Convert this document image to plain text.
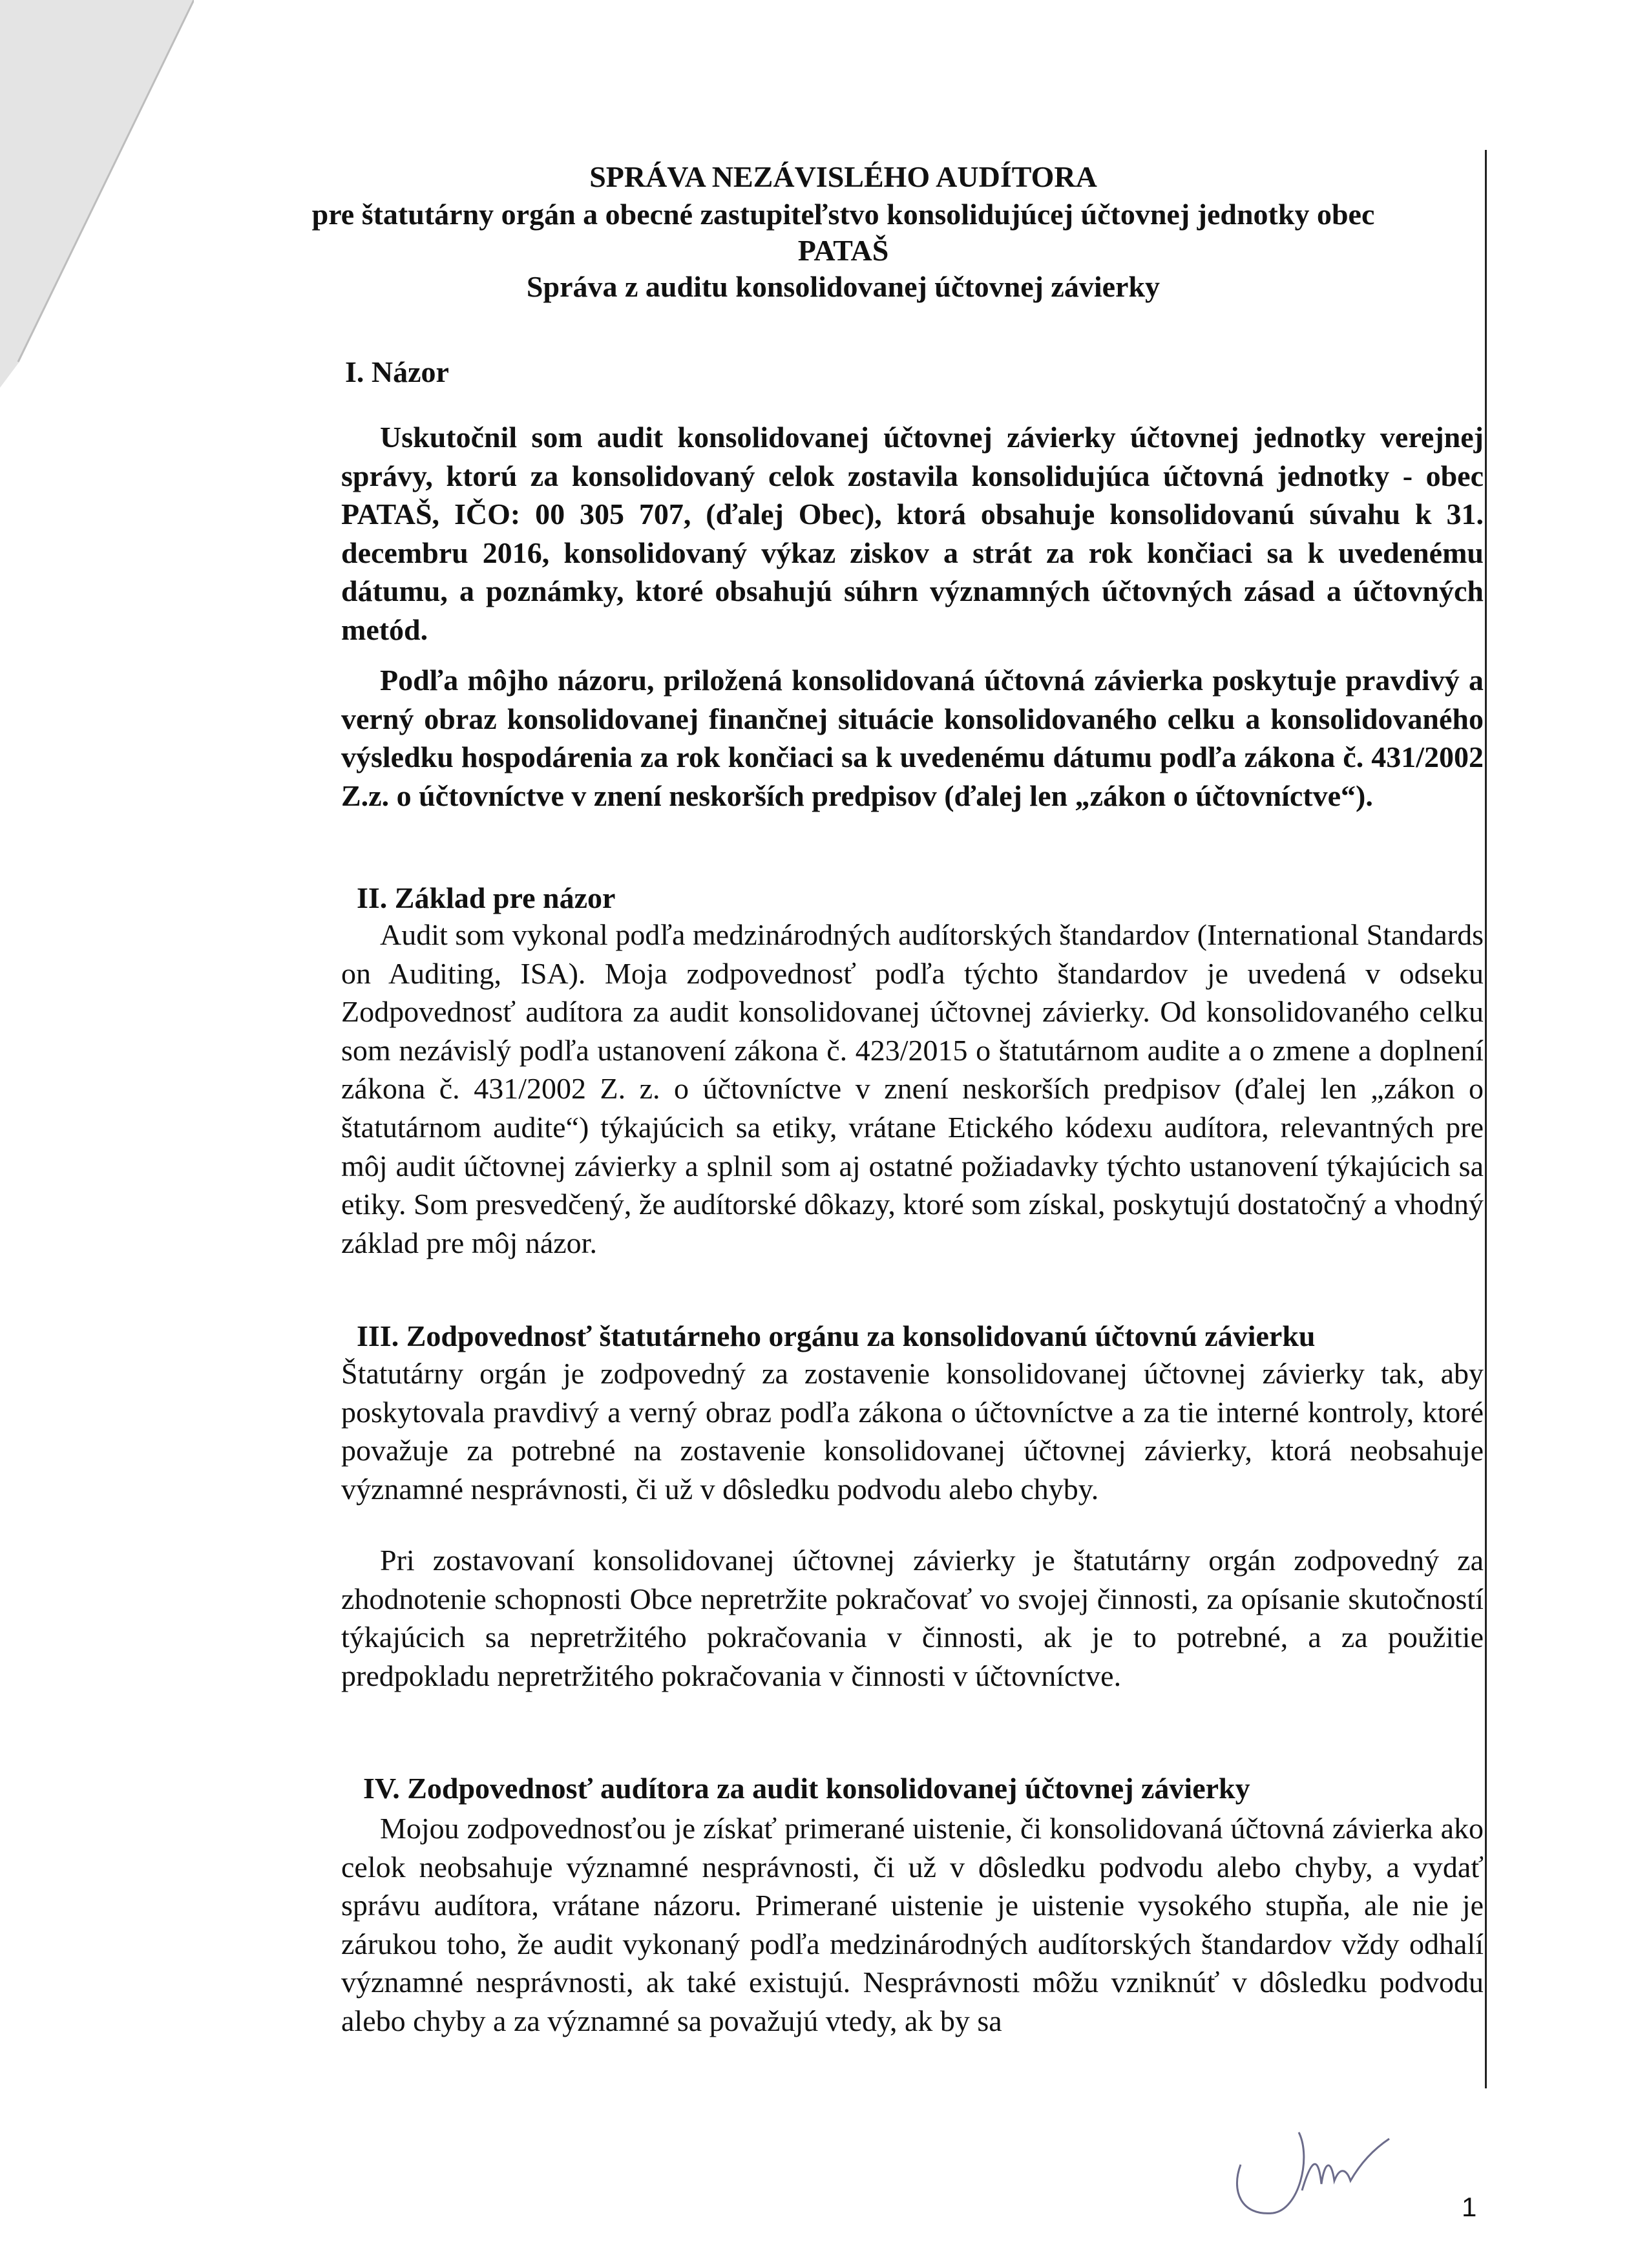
SPRÁVA NEZÁVISLÉHO AUDÍTORA

pre štatutárny orgán a obecné zastupiteľstvo konsolidujúcej účtovnej jednotky obec

PATAŠ

Správa z auditu konsolidovanej účtovnej závierky

I. Názor

Uskutočnil som audit konsolidovanej účtovnej závierky účtovnej jednotky verejnej správy, ktorú za konsolidovaný celok zostavila konsolidujúca účtovná jednotky - obec PATAŠ, IČO: 00 305 707, (ďalej Obec), ktorá obsahuje konsolidovanú súvahu k 31. decembru 2016, konsolidovaný výkaz ziskov a strát za rok končiaci sa k uvedenému dátumu, a poznámky, ktoré obsahujú súhrn významných účtovných zásad a účtovných metód.

Podľa môjho názoru, priložená konsolidovaná účtovná závierka poskytuje pravdivý a verný obraz konsolidovanej finančnej situácie konsolidovaného celku a konsolidovaného výsledku hospodárenia za rok končiaci sa k uvedenému dátumu podľa zákona č. 431/2002 Z.z. o účtovníctve v znení neskorších predpisov (ďalej len „zákon o účtovníctve“).

II. Základ pre názor

Audit som vykonal podľa medzinárodných audítorských štandardov (International Standards on Auditing, ISA). Moja zodpovednosť podľa týchto štandardov je uvedená v odseku Zodpovednosť audítora za audit konsolidovanej účtovnej závierky. Od konsolidovaného celku som nezávislý podľa ustanovení zákona č. 423/2015 o štatutárnom audite a o zmene a doplnení zákona č. 431/2002 Z. z. o účtovníctve v znení neskorších predpisov (ďalej len „zákon o štatutárnom audite“) týkajúcich sa etiky, vrátane Etického kódexu audítora, relevantných pre môj audit účtovnej závierky a splnil som aj ostatné požiadavky týchto ustanovení týkajúcich sa etiky. Som presvedčený, že audítorské dôkazy, ktoré som získal, poskytujú dostatočný a vhodný základ pre môj názor.

III. Zodpovednosť štatutárneho orgánu za konsolidovanú účtovnú závierku

Štatutárny orgán je zodpovedný za zostavenie konsolidovanej účtovnej závierky tak, aby poskytovala pravdivý a verný obraz podľa zákona o účtovníctve a za tie interné kontroly, ktoré považuje za potrebné na zostavenie konsolidovanej účtovnej závierky, ktorá neobsahuje významné nesprávnosti, či už v dôsledku podvodu alebo chyby.

Pri zostavovaní konsolidovanej účtovnej závierky je štatutárny orgán zodpovedný za zhodnotenie schopnosti Obce nepretržite pokračovať vo svojej činnosti, za opísanie skutočností týkajúcich sa nepretržitého pokračovania v činnosti, ak je to potrebné, a za použitie predpokladu nepretržitého pokračovania v činnosti v účtovníctve.

IV. Zodpovednosť audítora za audit konsolidovanej účtovnej závierky

Mojou zodpovednosťou je získať primerané uistenie, či konsolidovaná účtovná závierka ako celok neobsahuje významné nesprávnosti, či už v dôsledku podvodu alebo chyby, a vydať správu audítora, vrátane názoru. Primerané uistenie je uistenie vysokého stupňa, ale nie je zárukou toho, že audit vykonaný podľa medzinárodných audítorských štandardov vždy odhalí významné nesprávnosti, ak také existujú. Nesprávnosti môžu vzniknúť v dôsledku podvodu alebo chyby a za významné sa považujú vtedy, ak by sa

1
